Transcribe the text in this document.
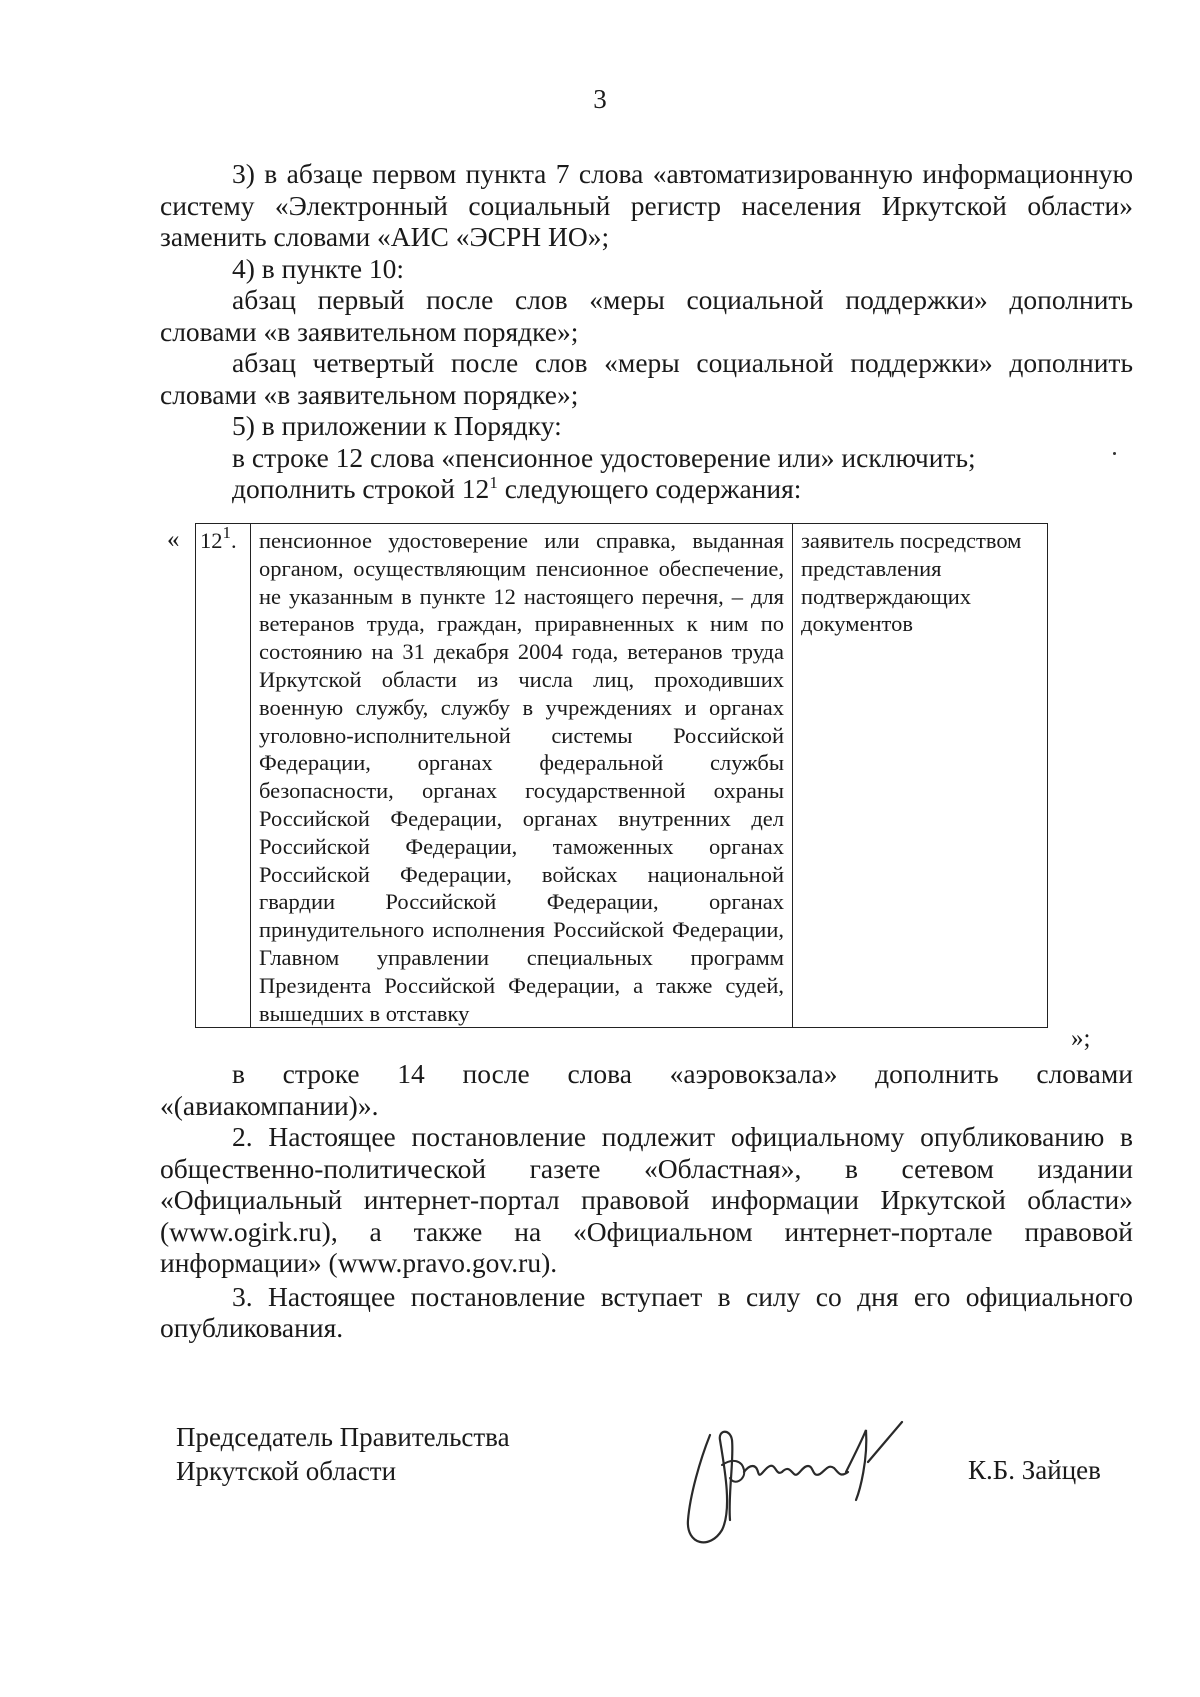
3

3) в абзаце первом пункта 7 слова «автоматизированную информационную систему «Электронный социальный регистр населения Иркутской области» заменить словами «АИС «ЭСРН ИО»;

4) в пункте 10:

абзац первый после слов «меры социальной поддержки» дополнить словами «в заявительном порядке»;

абзац четвертый после слов «меры социальной поддержки» дополнить словами «в заявительном порядке»;

5) в приложении к Порядку:

в строке 12 слова «пенсионное удостоверение или» исключить;

дополнить строкой $12^1$ следующего содержания:

« $12^1$.	пенсионное удостоверение или справка, выданная органом, осуществляющим пенсионное обеспечение, не указанным в пункте 12 настоящего перечня, – для ветеранов труда, граждан, приравненных к ним по состоянию на 31 декабря 2004 года, ветеранов труда Иркутской области из числа лиц, проходивших военную службу, службу в учреждениях и органах уголовно-исполнительной системы Российской Федерации, органах федеральной службы безопасности, органах государственной охраны Российской Федерации, органах внутренних дел Российской Федерации, таможенных органах Российской Федерации, войсках национальной гвардии Российской Федерации, органах принудительного исполнения Российской Федерации, Главном управлении специальных программ Президента Российской Федерации, а также судей, вышедших в отставку	заявитель посредством представления подтверждающих документов
»;

в строке 14 после слова «аэровокзала» дополнить словами «(авиакомпании)».

2. Настоящее постановление подлежит официальному опубликованию в общественно-политической газете «Областная», в сетевом издании «Официальный интернет-портал правовой информации Иркутской области» (www.ogirk.ru), а также на «Официальном интернет-портале правовой информации» (www.pravo.gov.ru).

3. Настоящее постановление вступает в силу со дня его официального опубликования.

Председатель Правительства
Иркутской области	К.Б. Зайцев
